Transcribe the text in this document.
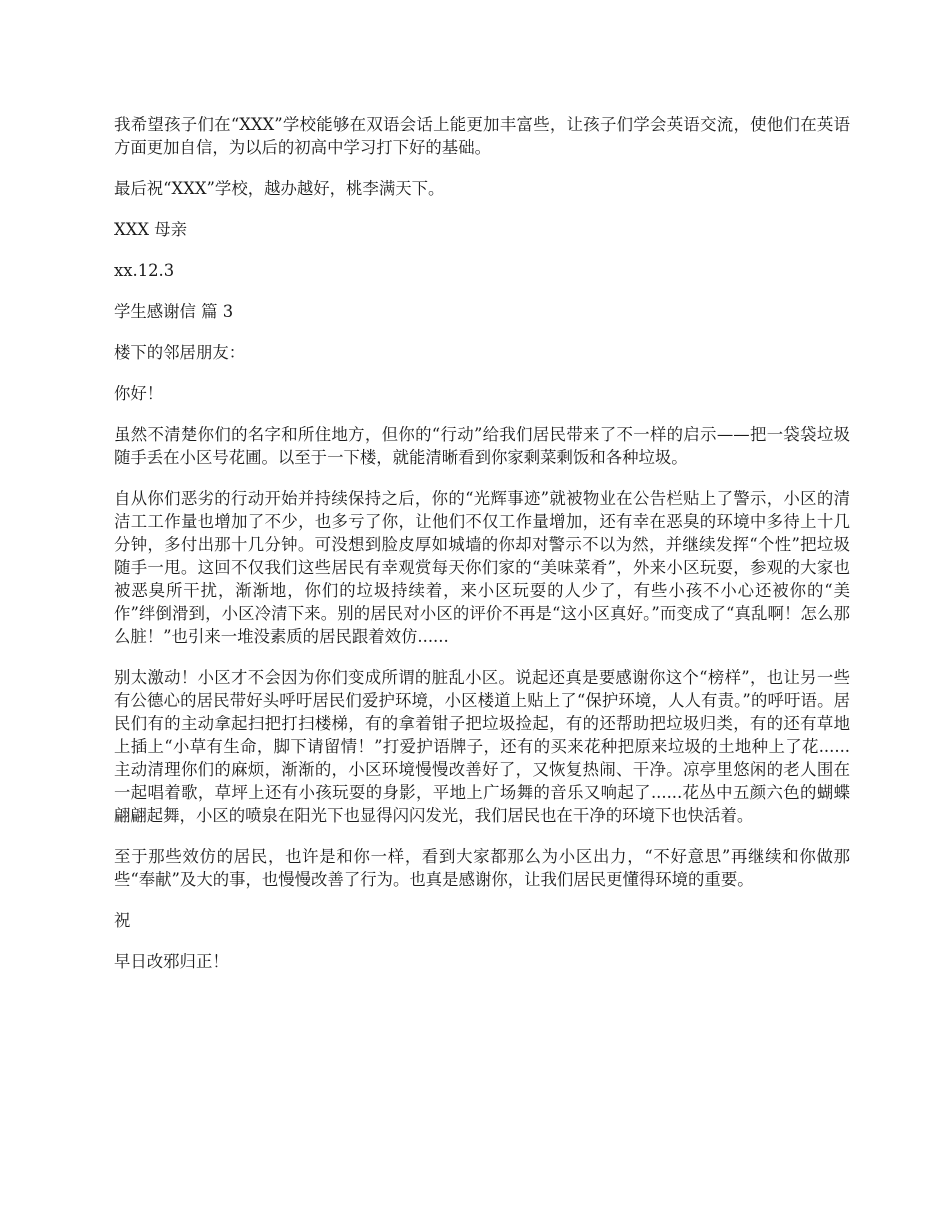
我希望孩子们在“XXX”学校能够在双语会话上能更加丰富些，让孩子们学会英语交流，使他们在英语方面更加自信，为以后的初高中学习打下好的基础。

最后祝“XXX”学校，越办越好，桃李满天下。

XXX 母亲

xx.12.3

学生感谢信 篇 3

楼下的邻居朋友：

你好！

虽然不清楚你们的名字和所住地方，但你的“行动”给我们居民带来了不一样的启示——把一袋袋垃圾随手丢在小区号花圃。以至于一下楼，就能清晰看到你家剩菜剩饭和各种垃圾。

自从你们恶劣的行动开始并持续保持之后，你的“光辉事迹”就被物业在公告栏贴上了警示，小区的清洁工工作量也增加了不少，也多亏了你，让他们不仅工作量增加，还有幸在恶臭的环境中多待上十几分钟，多付出那十几分钟。可没想到脸皮厚如城墙的你却对警示不以为然，并继续发挥“个性”把垃圾随手一甩。这回不仅我们这些居民有幸观赏每天你们家的“美味菜肴”，外来小区玩耍，参观的大家也被恶臭所干扰，渐渐地，你们的垃圾持续着，来小区玩耍的人少了，有些小孩不小心还被你的“美作”绊倒滑到，小区冷清下来。别的居民对小区的评价不再是“这小区真好。”而变成了“真乱啊！怎么那么脏！”也引来一堆没素质的居民跟着效仿......

别太激动！小区才不会因为你们变成所谓的脏乱小区。说起还真是要感谢你这个“榜样”，也让另一些有公德心的居民带好头呼吁居民们爱护环境，小区楼道上贴上了“保护环境，人人有责。”的呼吁语。居民们有的主动拿起扫把打扫楼梯，有的拿着钳子把垃圾捡起，有的还帮助把垃圾归类，有的还有草地上插上“小草有生命，脚下请留情！”打爱护语牌子，还有的买来花种把原来垃圾的土地种上了花......主动清理你们的麻烦，渐渐的，小区环境慢慢改善好了，又恢复热闹、干净。凉亭里悠闲的老人围在一起唱着歌，草坪上还有小孩玩耍的身影，平地上广场舞的音乐又响起了......花丛中五颜六色的蝴蝶翩翩起舞，小区的喷泉在阳光下也显得闪闪发光，我们居民也在干净的环境下也快活着。

至于那些效仿的居民，也许是和你一样，看到大家都那么为小区出力，“不好意思”再继续和你做那些“奉献”及大的事，也慢慢改善了行为。也真是感谢你，让我们居民更懂得环境的重要。

祝

早日改邪归正！
